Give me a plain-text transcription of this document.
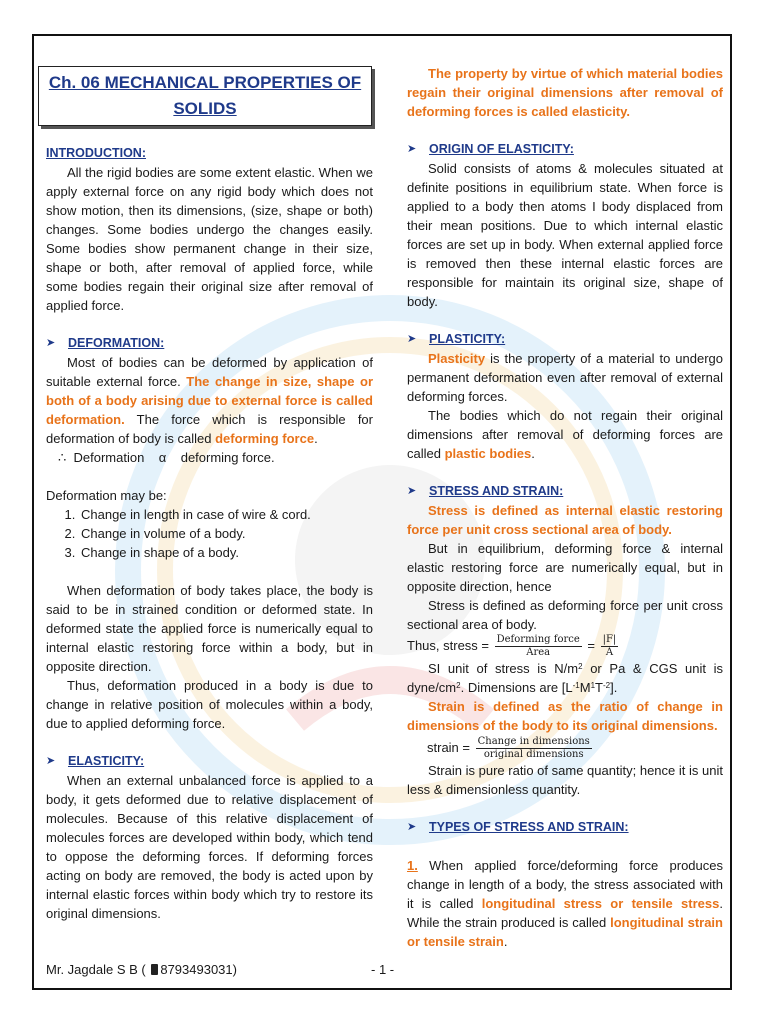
Ch. 06 MECHANICAL PROPERTIES OF SOLIDS
INTRODUCTION:

All the rigid bodies are some extent elastic. When we apply external force on any rigid body which does not show motion, then its dimensions, (size, shape or both) changes. Some bodies undergo the changes easily. Some bodies show permanent change in their size, shape or both, after removal of applied force, while some bodies regain their original size after removal of applied force.

➤	DEFORMATION:

Most of bodies can be deformed by application of suitable external force. The change in size, shape or both of a body arising due to external force is called deformation. The force which is responsible for deformation of body is called deforming force.

∴  Deformation    α    deforming force.

Deformation may be:

1. Change in length in case of wire & cord.
2. Change in volume of a body.
3. Change in shape of a body.

When deformation of body takes place, the body is said to be in strained condition or deformed state. In deformed state the applied force is numerically equal to internal elastic restoring force within a body, but in opposite direction.

Thus, deformation produced in a body is due to change in relative position of molecules within a body, due to applied deforming force.

➤	ELASTICITY:

When an external unbalanced force is applied to a body, it gets deformed due to relative displacement of molecules. Because of this relative displacement of molecules forces are developed within body, which tend to oppose the deforming forces. If deforming forces acting on body are removed, the body is acted upon by internal elastic forces within body which try to restore its original dimensions.

The property by virtue of which material bodies regain their original dimensions after removal of deforming forces is called elasticity.

➤	ORIGIN OF ELASTICITY:

Solid consists of atoms & molecules situated at definite positions in equilibrium state. When force is applied to a body then atoms I body displaced from their mean positions. Due to which internal elastic forces are set up in body. When external applied force is removed then these internal elastic forces are responsible for maintain its original size, shape of body.

➤	PLASTICITY:

Plasticity is the property of a material to undergo permanent deformation even after removal of external deforming forces.

The bodies which do not regain their original dimensions after removal of deforming forces are called plastic bodies.

➤	STRESS AND STRAIN:

Stress is defined as internal elastic restoring force per unit cross sectional area of body.

But in equilibrium, deforming force & internal elastic restoring force are numerically equal, but in opposite direction, hence

Stress is defined as deforming force per unit cross sectional area of body.

Thus, stress = $\frac{\text{Deforming force}}{\text{Area}} = \frac{|F|}{A}$

SI unit of stress is $N/m^2$ or Pa & CGS unit is dyne/$cm^2$. Dimensions are $[L^{-1}M^1T^{-2}]$.

Strain is defined as the ratio of change in dimensions of the body to its original dimensions.

strain = $\frac{\text{Change in dimensions}}{\text{original dimensions}}$

Strain is pure ratio of same quantity; hence it is unit less & dimensionless quantity.

➤	TYPES OF STRESS AND STRAIN:

1. When applied force/deforming force produces change in length of a body, the stress associated with it is called longitudinal stress or tensile stress. While the strain produced is called longitudinal strain or tensile strain.

Mr. Jagdale S B ( 8793493031)	- 1 -
